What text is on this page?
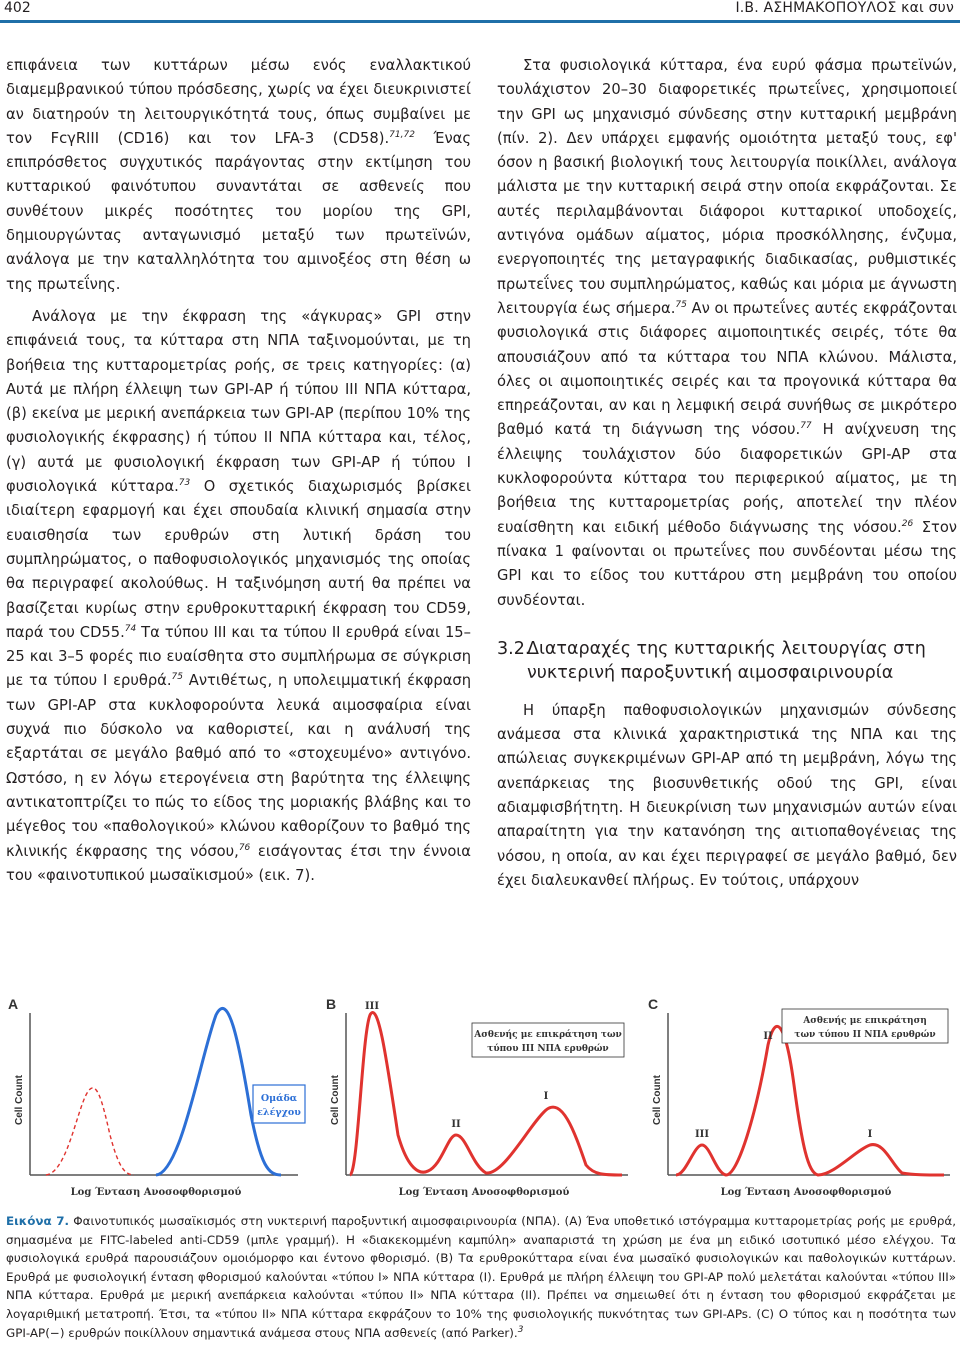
402	Ι.Β. ΑΣΗΜΑΚΟΠΟΥΛΟΣ και συν

επιφάνεια των κυττάρων μέσω ενός εναλλακτικού διαμεμβρανικού τύπου πρόσδεσης, χωρίς να έχει διευκρινιστεί αν διατηρούν τη λειτουργικότητά τους, όπως συμβαίνει με τον FcγRIII (CD16) και τον LFA-3 (CD58).$^{71,72}$ Ένας επιπρόσθετος συγχυτικός παράγοντας στην εκτίμηση του κυτταρικού φαινότυπου συναντάται σε ασθενείς που συνθέτουν μικρές ποσότητες του μορίου της GPI, δημιουργώντας ανταγωνισμό μεταξύ των πρωτεϊνών, ανάλογα με την καταλληλότητα του αμινοξέος στη θέση ω της πρωτεΐνης.

Ανάλογα με την έκφραση της «άγκυρας» GPI στην επιφάνειά τους, τα κύτταρα στη ΝΠΑ ταξινομούνται, με τη βοήθεια της κυτταρομετρίας ροής, σε τρεις κατηγορίες: (α) Αυτά με πλήρη έλλειψη των GPI-AP ή τύπου III ΝΠΑ κύτταρα, (β) εκείνα με μερική ανεπάρκεια των GPI-AP (περίπου 10% της φυσιολογικής έκφρασης) ή τύπου II ΝΠΑ κύτταρα και, τέλος, (γ) αυτά με φυσιολογική έκφραση των GPI-AP ή τύπου I φυσιολογικά κύτταρα.$^{73}$ Ο σχετικός διαχωρισμός βρίσκει ιδιαίτερη εφαρμογή και έχει σπουδαία κλινική σημασία στην ευαισθησία των ερυθρών στη λυτική δράση του συμπληρώματος, ο παθοφυσιολογικός μηχανισμός της οποίας θα περιγραφεί ακολούθως. Η ταξινόμηση αυτή θα πρέπει να βασίζεται κυρίως στην ερυθροκυτταρική έκφραση του CD59, παρά του CD55.74 Τα τύπου III και τα τύπου II ερυθρά είναι 15–25 και 3–5 φορές πιο ευαίσθητα στο συμπλήρωμα σε σύγκριση με τα τύπου I ερυθρά.$^{75}$ Αντιθέτως, η υπολειμματική έκφραση των GPI-AP στα κυκλοφορούντα λευκά αιμοσφαίρια είναι συχνά πιο δύσκολο να καθοριστεί, και η ανάλυσή της εξαρτάται σε μεγάλο βαθμό από το «στοχευμένο» αντιγόνο. Ωστόσο, η εν λόγω ετερογένεια στη βαρύτητα της έλλειψης αντικατοπτρίζει το πώς το είδος της μοριακής βλάβης και το μέγεθος του «παθολογικού» κλώνου καθορίζουν το βαθμό της κλινικής έκφρασης της νόσου,$^{76}$ εισάγοντας έτσι την έννοια του «φαινοτυπικού μωσαϊκισμού» (εικ. 7).

Στα φυσιολογικά κύτταρα, ένα ευρύ φάσμα πρωτεϊνών, τουλάχιστον 20–30 διαφορετικές πρωτεΐνες, χρησιμοποιεί την GPI ως μηχανισμό σύνδεσης στην κυτταρική μεμβράνη (πίν. 2). Δεν υπάρχει εμφανής ομοιότητα μεταξύ τους, εφ' όσον η βασική βιολογική τους λειτουργία ποικίλλει, ανάλογα μάλιστα με την κυτταρική σειρά στην οποία εκφράζονται. Σε αυτές περιλαμβάνονται διάφοροι κυτταρικοί υποδοχείς, αντιγόνα ομάδων αίματος, μόρια προσκόλλησης, ένζυμα, ενεργοποιητές της μεταγραφικής διαδικασίας, ρυθμιστικές πρωτεΐνες του συμπληρώματος, καθώς και μόρια με άγνωστη λειτουργία έως σήμερα.$^{75}$ Αν οι πρωτεΐνες αυτές εκφράζονται φυσιολογικά στις διάφορες αιμοποιητικές σειρές, τότε θα απουσιάζουν από τα κύτταρα του ΝΠΑ κλώνου. Μάλιστα, όλες οι αιμοποιητικές σειρές και τα προγονικά κύτταρα θα επηρεάζονται, αν και η λεμφική σειρά συνήθως σε μικρότερο βαθμό κατά τη διάγνωση της νόσου.$^{77}$ Η ανίχνευση της έλλειψης τουλάχιστον δύο διαφορετικών GPI-AP στα κυκλοφορούντα κύτταρα του περιφερικού αίματος, με τη βοήθεια της κυτταρομετρίας ροής, αποτελεί την πλέον ευαίσθητη και ειδική μέθοδο διάγνωσης της νόσου.$^{26}$ Στον πίνακα 1 φαίνονται οι πρωτεΐνες που συνδέονται μέσω της GPI και το είδος του κυττάρου στη μεμβράνη του οποίου συνδέονται.

3.2.Διαταραχές της κυτταρικής λειτουργίας στη
νυκτερινή παροξυντική αιμοσφαιρινουρία

Η ύπαρξη παθοφυσιολογικών μηχανισμών σύνδεσης ανάμεσα στα κλινικά χαρακτηριστικά της ΝΠΑ και της απώλειας συγκεκριμένων GPI-AP από τη μεμβράνη, λόγω της ανεπάρκειας της βιοσυνθετικής οδού της GPI, είναι αδιαμφισβήτητη. Η διευκρίνιση των μηχανισμών αυτών είναι απαραίτητη για την κατανόηση της αιτιοπαθογένειας της νόσου, η οποία, αν και έχει περιγραφεί σε μεγάλο βαθμό, δεν έχει διαλευκανθεί πλήρως. Εν τούτοις, υπάρχουν

A
Cell Count	Ομάδα
ελέγχου
Log Ένταση Ανοσοφθορισμού
B
Cell Count
Ασθενής με επικράτηση των
τύπου III ΝΠΑ ερυθρών
III
II
I
Log Ένταση Ανοσοφθορισμού
C
Cell Count
Ασθενής με επικράτηση
των τύπου II ΝΠΑ ερυθρών
III
II
I
Log Ένταση Ανοσοφθορισμού
Εικόνα 7. Φαινοτυπικός μωσαϊκισμός στη νυκτερινή παροξυντική αιμοσφαιρινουρία (ΝΠΑ). (Α) Ένα υποθετικό ιστόγραμμα κυτταρομετρίας ροής με ερυθρά, σημασμένα με FITC-labeled anti-CD59 (μπλε γραμμή). Η «διακεκομμένη καμπύλη» αναπαριστά τη χρώση με ένα μη ειδικό ισοτυπικό μέσο ελέγχου. Τα φυσιολογικά ερυθρά παρουσιάζουν ομοιόμορφο και έντονο φθορισμό. (Β) Τα ερυθροκύτταρα είναι ένα μωσαϊκό φυσιολογικών και παθολογικών κυττάρων. Ερυθρά με φυσιολογική ένταση φθορισμού καλούνται «τύπου I» ΝΠΑ κύτταρα (I). Ερυθρά με πλήρη έλλειψη του GPI-AP πολύ μελετάται καλούνται «τύπου III» ΝΠΑ κύτταρα. Ερυθρά με μερική ανεπάρκεια καλούνται «τύπου II» ΝΠΑ κύτταρα (II). Πρέπει να σημειωθεί ότι η ένταση του φθορισμού εκφράζεται με λογαριθμική μετατροπή. Έτσι, τα «τύπου II» ΝΠΑ κύτταρα εκφράζουν το 10% της φυσιολογικής πυκνότητας των GPI-APs. (C) Ο τύπος και η ποσότητα των GPI-AP(−) ερυθρών ποικίλλουν σημαντικά ανάμεσα στους ΝΠΑ ασθενείς (από Parker).$^3$
